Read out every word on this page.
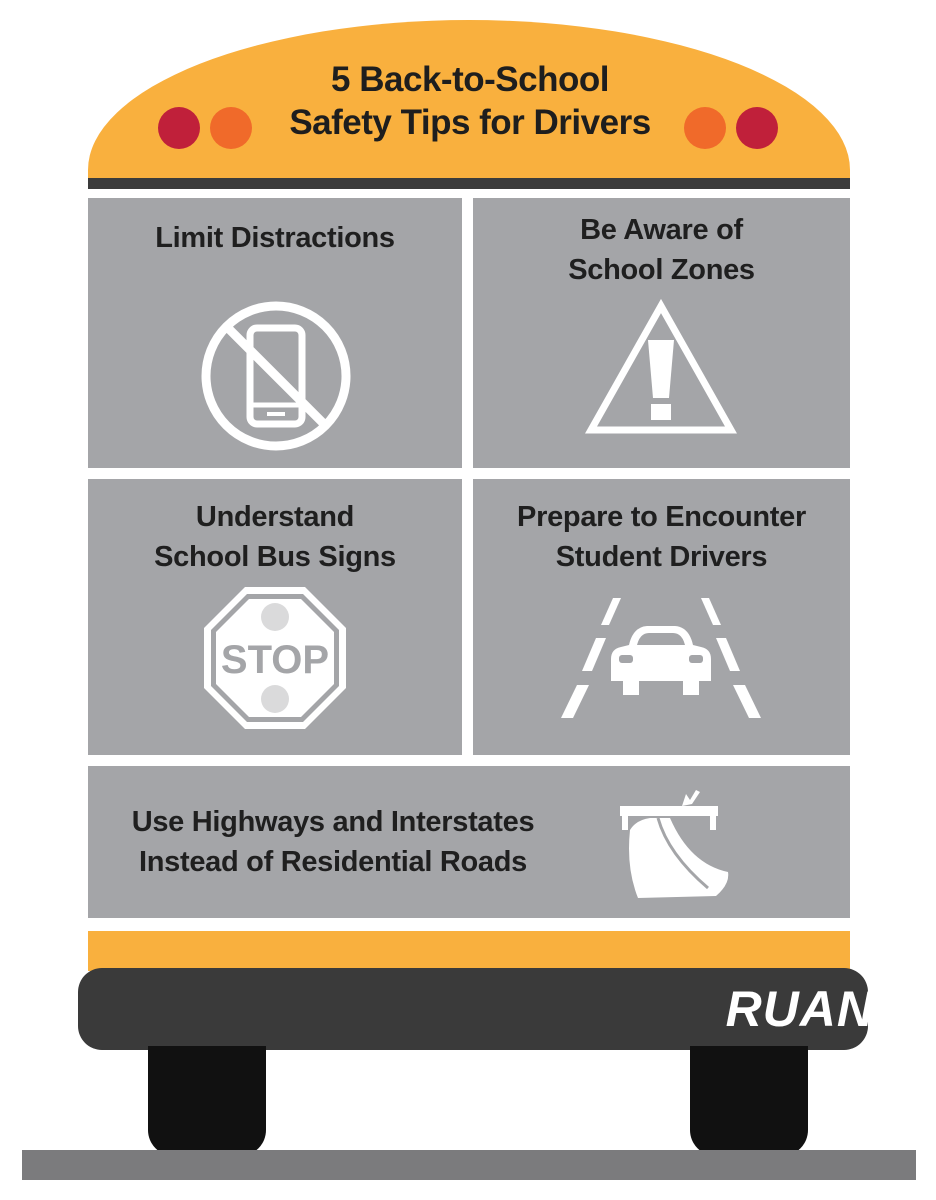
5 Back-to-School
Safety Tips for Drivers
Limit Distractions	Be Aware of
School Zones
Understand
School Bus Signs
STOP
Prepare to Encounter
Student Drivers
Use Highways and Interstates
Instead of Residential Roads
RUAN
